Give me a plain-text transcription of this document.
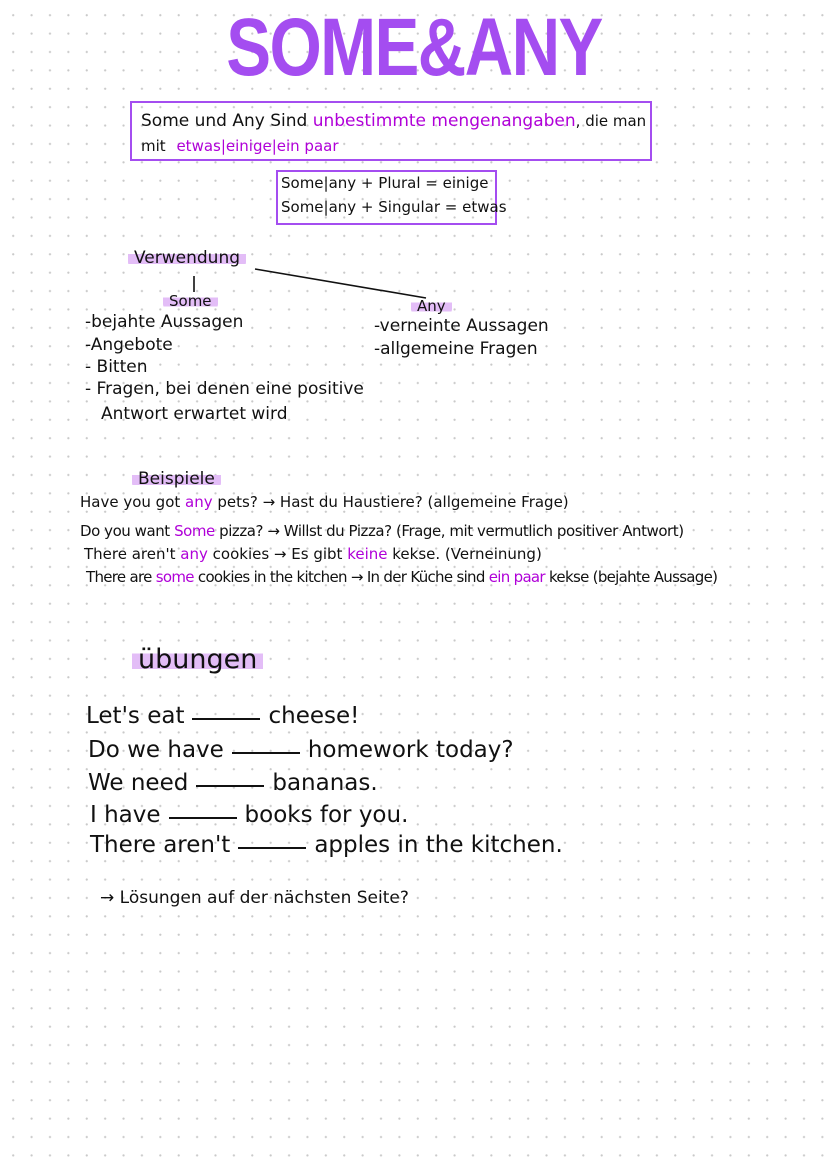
SOME&ANY
Some und Any Sind unbestimmte mengenangaben, die man
mit etwas|einige|ein paar
Some|any + Plural = einige
Some|any + Singular = etwas
Verwendung
Some	Any
-bejahte Aussagen
-Angebote
- Bitten
- Fragen, bei denen eine positive
Antwort erwartet wird
-verneinte Aussagen
-allgemeine Fragen
Beispiele
Have you got any pets? → Hast du Haustiere? (allgemeine Frage)
Do you want Some pizza? → Willst du Pizza? (Frage, mit vermutlich positiver Antwort)
There aren't any cookies → Es gibt keine kekse. (Verneinung)
There are some cookies in the kitchen → In der Küche sind ein paar kekse (bejahte Aussage)
übungen
Let's eat	cheese!
Do we have	homework today?
We need	bananas.
I have	books for you.
There aren't	apples in the kitchen.
→ Lösungen auf der nächsten Seite?
